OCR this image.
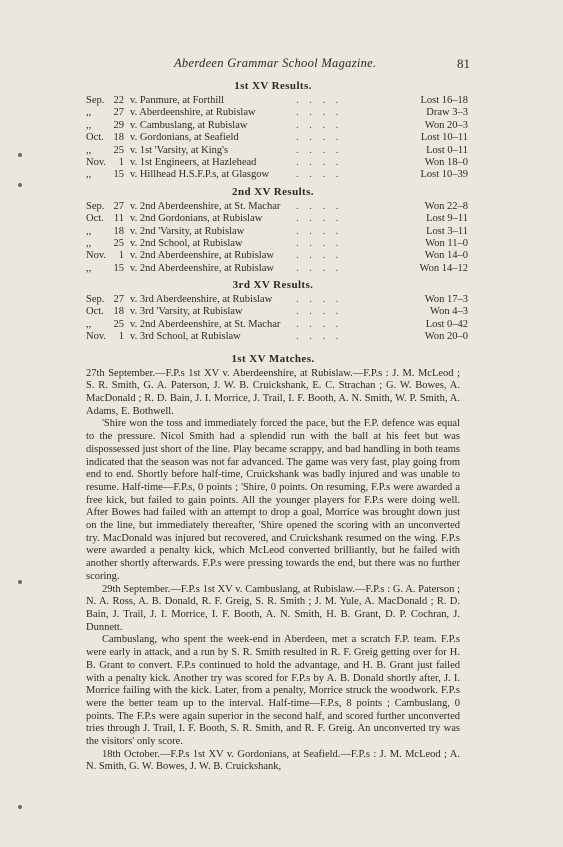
Aberdeen Grammar School Magazine.	81
1st XV Results.
Sep. 22 v. Panmure, at Forthill	Lost 16–18
. . . .
,,	27 v. Aberdeenshire, at Rubislaw	Draw 3–3
. . . .
,,	29 v. Cambuslang, at Rubislaw	Won 20–3
. . . .
Oct. 18 v. Gordonians, at Seafield	Lost 10–11
. . . .
,,	25 v. 1st 'Varsity, at King's	Lost 0–11
. . . .
Nov.	1 v. 1st Engineers, at Hazlehead	Won 18–0
. . . .
,,	15 v. Hillhead H.S.F.P.s, at Glasgow	Lost 10–39
. . . .
2nd XV Results.
Sep. 27 v. 2nd Aberdeenshire, at St. Machar	Won 22–8
. . . .
Oct. 11 v. 2nd Gordonians, at Rubislaw	Lost 9–11
. . . .
,,	18 v. 2nd 'Varsity, at Rubislaw	Lost 3–11
. . . .
,,	25 v. 2nd School, at Rubislaw	Won 11–0
. . . .
Nov.	1 v. 2nd Aberdeenshire, at Rubislaw	Won 14–0
. . . .
,,	15 v. 2nd Aberdeenshire, at Rubislaw	Won 14–12
. . . .
3rd XV Results.
Sep. 27 v. 3rd Aberdeenshire, at Rubislaw	Won 17–3
. . . .
Oct. 18 v. 3rd 'Varsity, at Rubislaw	Won 4–3
. . . .
,,	25 v. 2nd Aberdeenshire, at St. Machar	Lost 0–42
. . . .
Nov.	1 v. 3rd School, at Rubislaw	Won 20–0
. . . .
1st XV Matches.

27th September.—F.P.s 1st XV v. Aberdeenshire, at Rubislaw.—F.P.s : J. M. McLeod ; S. R. Smith, G. A. Paterson, J. W. B. Cruickshank, E. C. Strachan ; G. W. Bowes, A. MacDonald ; R. D. Bain, J. I. Morrice, J. Trail, I. F. Booth, A. N. Smith, W. P. Smith, A. Adams, E. Bothwell.

'Shire won the toss and immediately forced the pace, but the F.P. defence was equal to the pressure. Nicol Smith had a splendid run with the ball at his feet but was dispossessed just short of the line. Play became scrappy, and bad handling in both teams indicated that the season was not far advanced. The game was very fast, play going from end to end. Shortly before half-time, Cruickshank was badly injured and was unable to resume. Half-time—F.P.s, 0 points ; 'Shire, 0 points. On resuming, F.P.s were awarded a free kick, but failed to gain points. All the younger players for F.P.s were doing well. After Bowes had failed with an attempt to drop a goal, Morrice was brought down just on the line, but immediately thereafter, 'Shire opened the scoring with an unconverted try. MacDonald was injured but recovered, and Cruickshank resumed on the wing. F.P.s were awarded a penalty kick, which McLeod converted brilliantly, but he failed with another shortly afterwards. F.P.s were pressing towards the end, but there was no further scoring.

29th September.—F.P.s 1st XV v. Cambuslang, at Rubislaw.—F.P.s : G. A. Paterson ; N. A. Ross, A. B. Donald, R. F. Greig, S. R. Smith ; J. M. Yule, A. MacDonald ; R. D. Bain, J. Trail, J. I. Morrice, I. F. Booth, A. N. Smith, H. B. Grant, D. P. Cochran, J. Dunnett.

Cambuslang, who spent the week-end in Aberdeen, met a scratch F.P. team. F.P.s were early in attack, and a run by S. R. Smith resulted in R. F. Greig getting over for H. B. Grant to convert. F.P.s continued to hold the advantage, and H. B. Grant just failed with a penalty kick. Another try was scored for F.P.s by A. B. Donald shortly after, J. I. Morrice failing with the kick. Later, from a penalty, Morrice struck the woodwork. F.P.s were the better team up to the interval. Half-time—F.P.s, 8 points ; Cambuslang, 0 points. The F.P.s were again superior in the second half, and scored further unconverted tries through J. Trail, I. F. Booth, S. R. Smith, and R. F. Greig. An unconverted try was the visitors' only score.

18th October.—F.P.s 1st XV v. Gordonians, at Seafield.—F.P.s : J. M. McLeod ; A. N. Smith, G. W. Bowes, J. W. B. Cruickshank,
